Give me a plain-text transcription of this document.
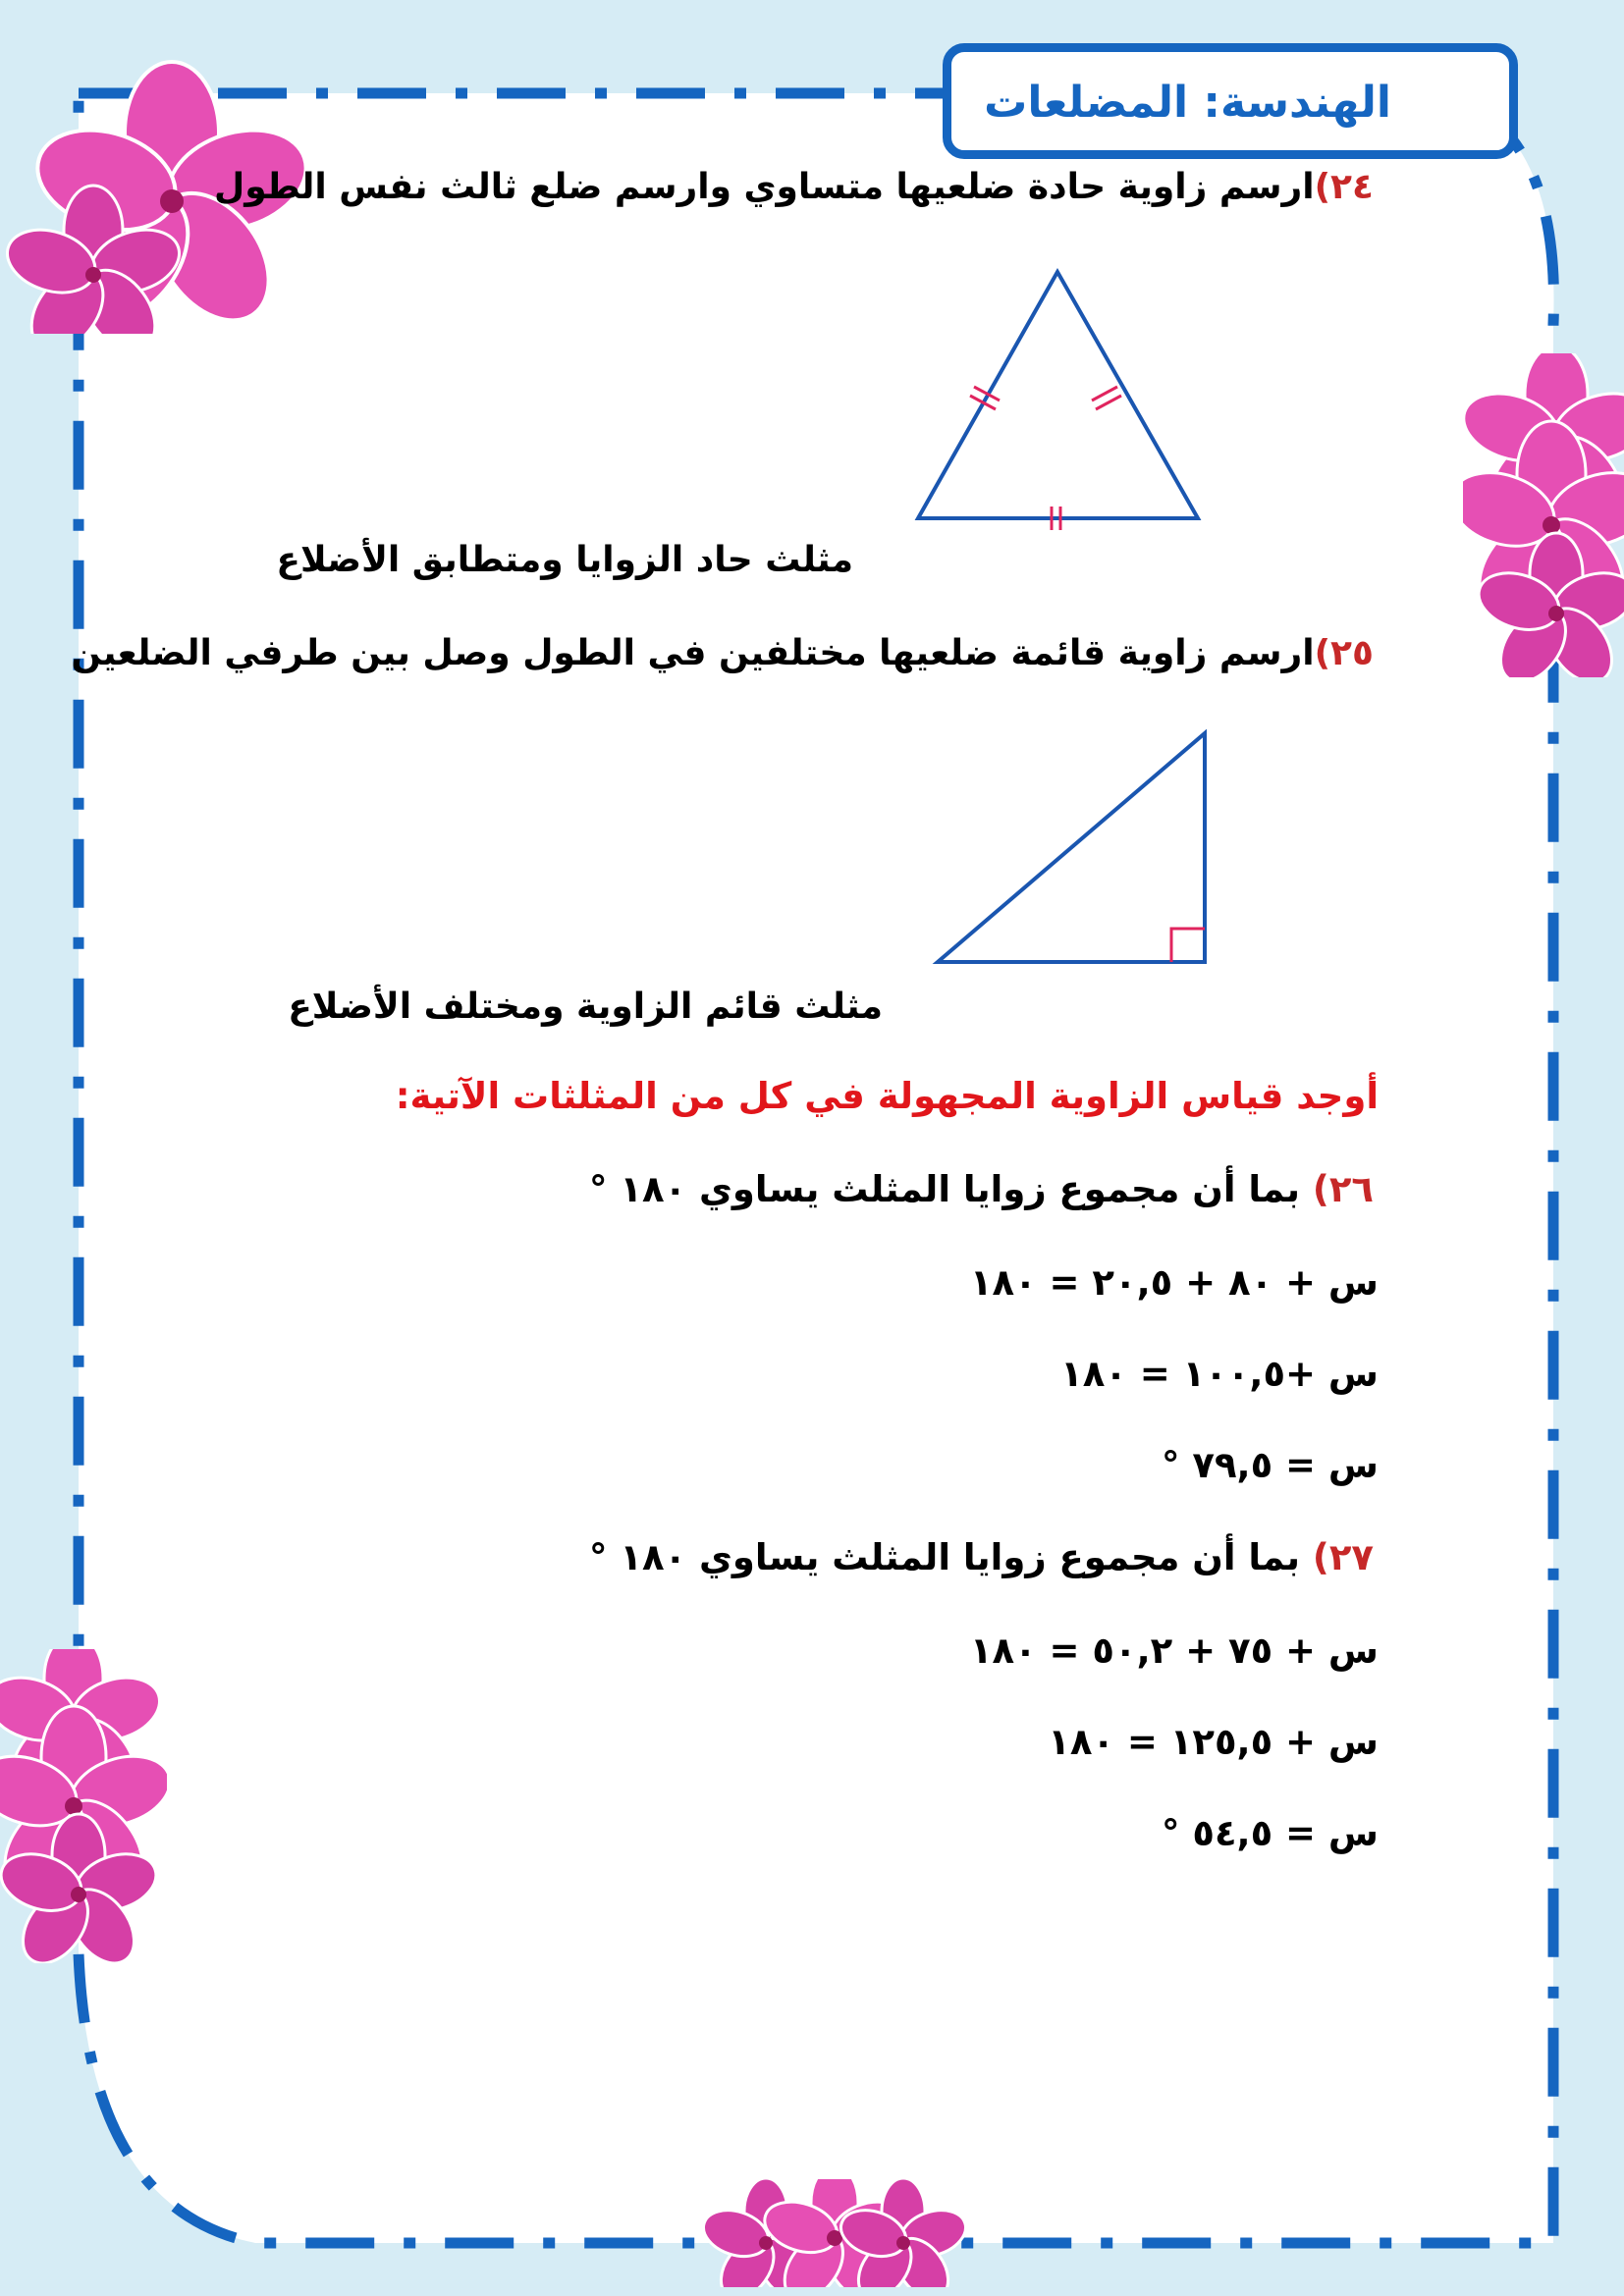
الهندسة: المضلعات
٢٤)ارسم زاوية حادة ضلعيها متساوي وارسم ضلع ثالث نفس الطول
مثلث حاد الزوايا ومتطابق الأضلاع
٢٥)ارسم زاوية قائمة ضلعيها مختلفين في الطول وصل بين طرفي الضلعين
مثلث قائم الزاوية ومختلف الأضلاع
أوجد قياس الزاوية المجهولة في كل من المثلثات الآتية:
٢٦) بما أن مجموع زوايا المثلث يساوي ١٨٠ °
س + ٨٠ + ٢٠,٥ = ١٨٠
س +١٠٠,٥ = ١٨٠
س = ٧٩,٥ °
٢٧) بما أن مجموع زوايا المثلث يساوي ١٨٠ °
س + ٧٥ + ٥٠,٢ = ١٨٠
س + ١٢٥,٥ = ١٨٠
س = ٥٤,٥ °
